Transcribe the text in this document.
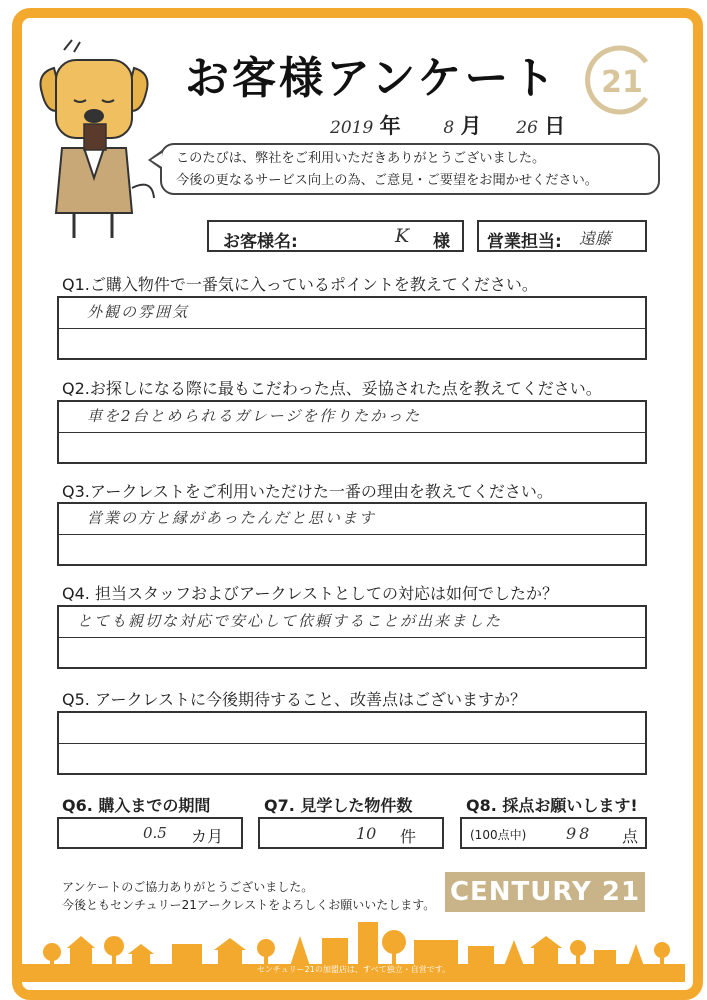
お客様アンケート
2019 年	8 月 26 日
21
このたびは、弊社をご利用いただきありがとうございました。
今後の更なるサービス向上の為、ご意見・ご要望をお聞かせください。
お客様名:	K 様 営業担当: 遠藤
Q1.ご購入物件で一番気に入っているポイントを教えてください。
外観の雰囲気
Q2.お探しになる際に最もこだわった点、妥協された点を教えてください。
車を2台とめられるガレージを作りたかった
Q3.アークレストをご利用いただけた一番の理由を教えてください。
営業の方と縁があったんだと思います
Q4. 担当スタッフおよびアークレストとしての対応は如何でしたか？
とても親切な対応で安心して依頼することが出来ました
Q5. アークレストに今後期待すること、改善点はございますか？
Q6. 購入までの期間
0.5 カ月
Q7. 見学した物件数
10 件
Q8. 採点お願いします!
(100点中) 98 点
アンケートのご協力ありがとうございました。
今後ともセンチュリー21アークレストをよろしくお願いいたします。 CENTURY 21
センチュリー21の加盟店は、すべて独立・自営です。
